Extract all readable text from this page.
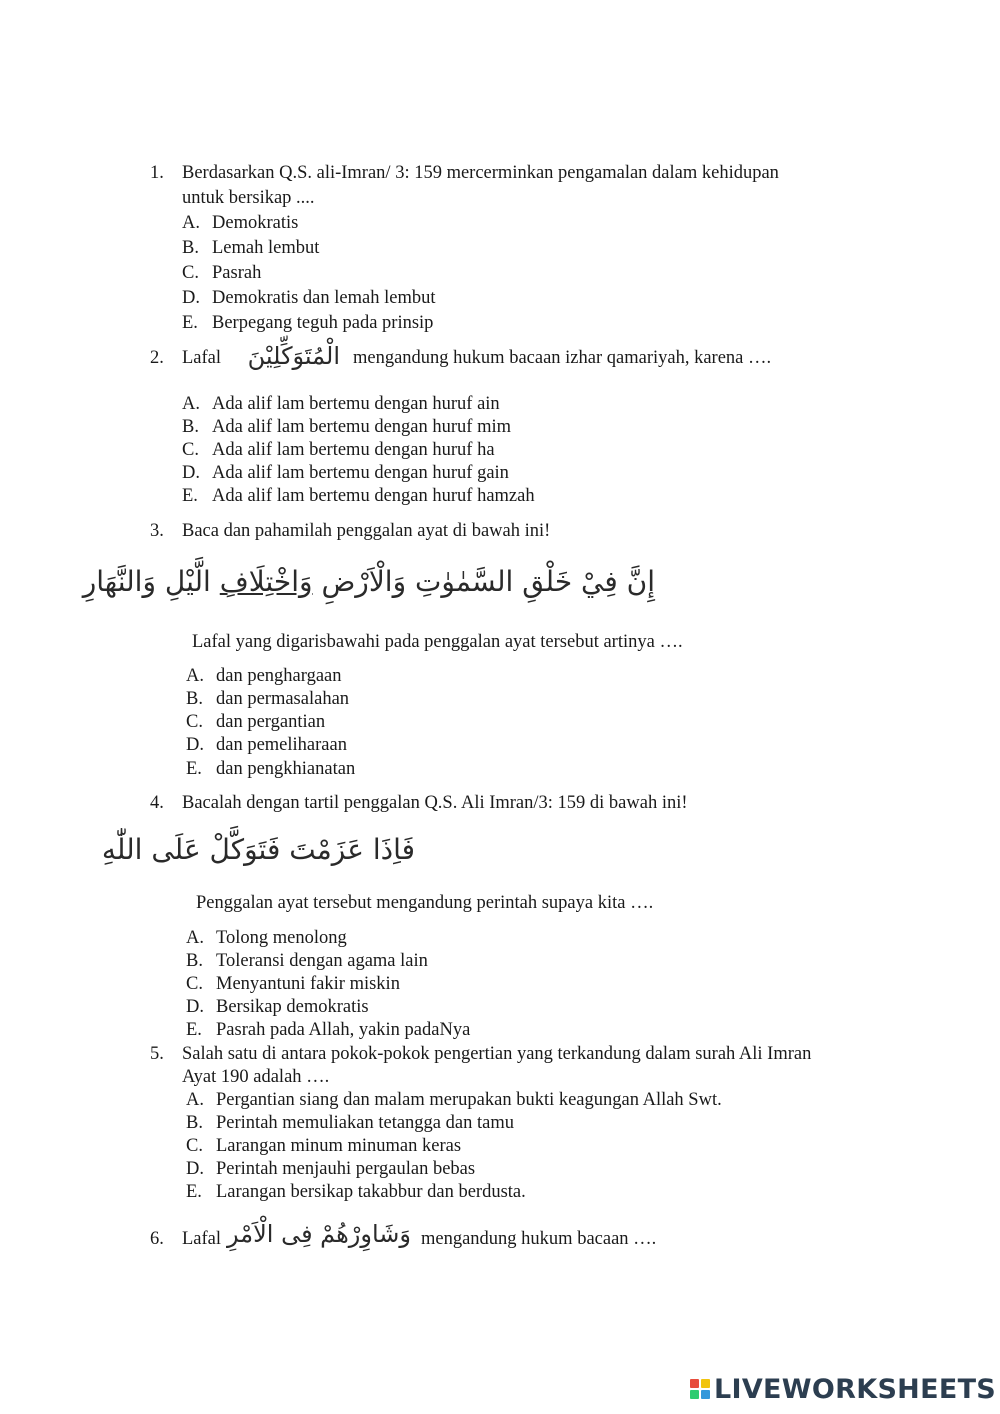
1. Berdasarkan Q.S. ali-Imran/ 3: 159 mercerminkan pengamalan dalam kehidupan
untuk bersikap ....
A. Demokratis
B. Lemah lembut
C. Pasrah
D. Demokratis dan lemah lembut
E. Berpegang teguh pada prinsip
2. Lafal الْمُتَوَكِّلِيْنَ mengandung hukum bacaan izhar qamariyah, karena ….
A. Ada alif lam bertemu dengan huruf ain
B. Ada alif lam bertemu dengan huruf mim
C. Ada alif lam bertemu dengan huruf ha
D. Ada alif lam bertemu dengan huruf gain
E. Ada alif lam bertemu dengan huruf hamzah
3. Baca dan pahamilah penggalan ayat di bawah ini!
إِنَّ فِيْ خَلْقِ السَّمٰوٰتِ وَالْاَرْضِ وَاخْتِلَافِ الَّيْلِ وَالنَّهَارِ
Lafal yang digarisbawahi pada penggalan ayat tersebut artinya ….
A. dan penghargaan
B. dan permasalahan
C. dan pergantian
D. dan pemeliharaan
E. dan pengkhianatan
4. Bacalah dengan tartil penggalan Q.S. Ali Imran/3: 159 di bawah ini!
فَاِذَا عَزَمْتَ فَتَوَكَّلْ عَلَى اللّٰهِ
Penggalan ayat tersebut mengandung perintah supaya kita ….
A. Tolong menolong
B. Toleransi dengan agama lain
C. Menyantuni fakir miskin
D. Bersikap demokratis
E. Pasrah pada Allah, yakin padaNya
5. Salah satu di antara pokok-pokok pengertian yang terkandung dalam surah Ali Imran
Ayat 190 adalah ….
A. Pergantian siang dan malam merupakan bukti keagungan Allah Swt.
B. Perintah memuliakan tetangga dan tamu
C. Larangan minum minuman keras
D. Perintah menjauhi pergaulan bebas
E. Larangan bersikap takabbur dan berdusta.
6. Lafal وَشَاوِرْهُمْ فِى الْاَمْرِ mengandung hukum bacaan ….
LIVEWORKSHEETS
